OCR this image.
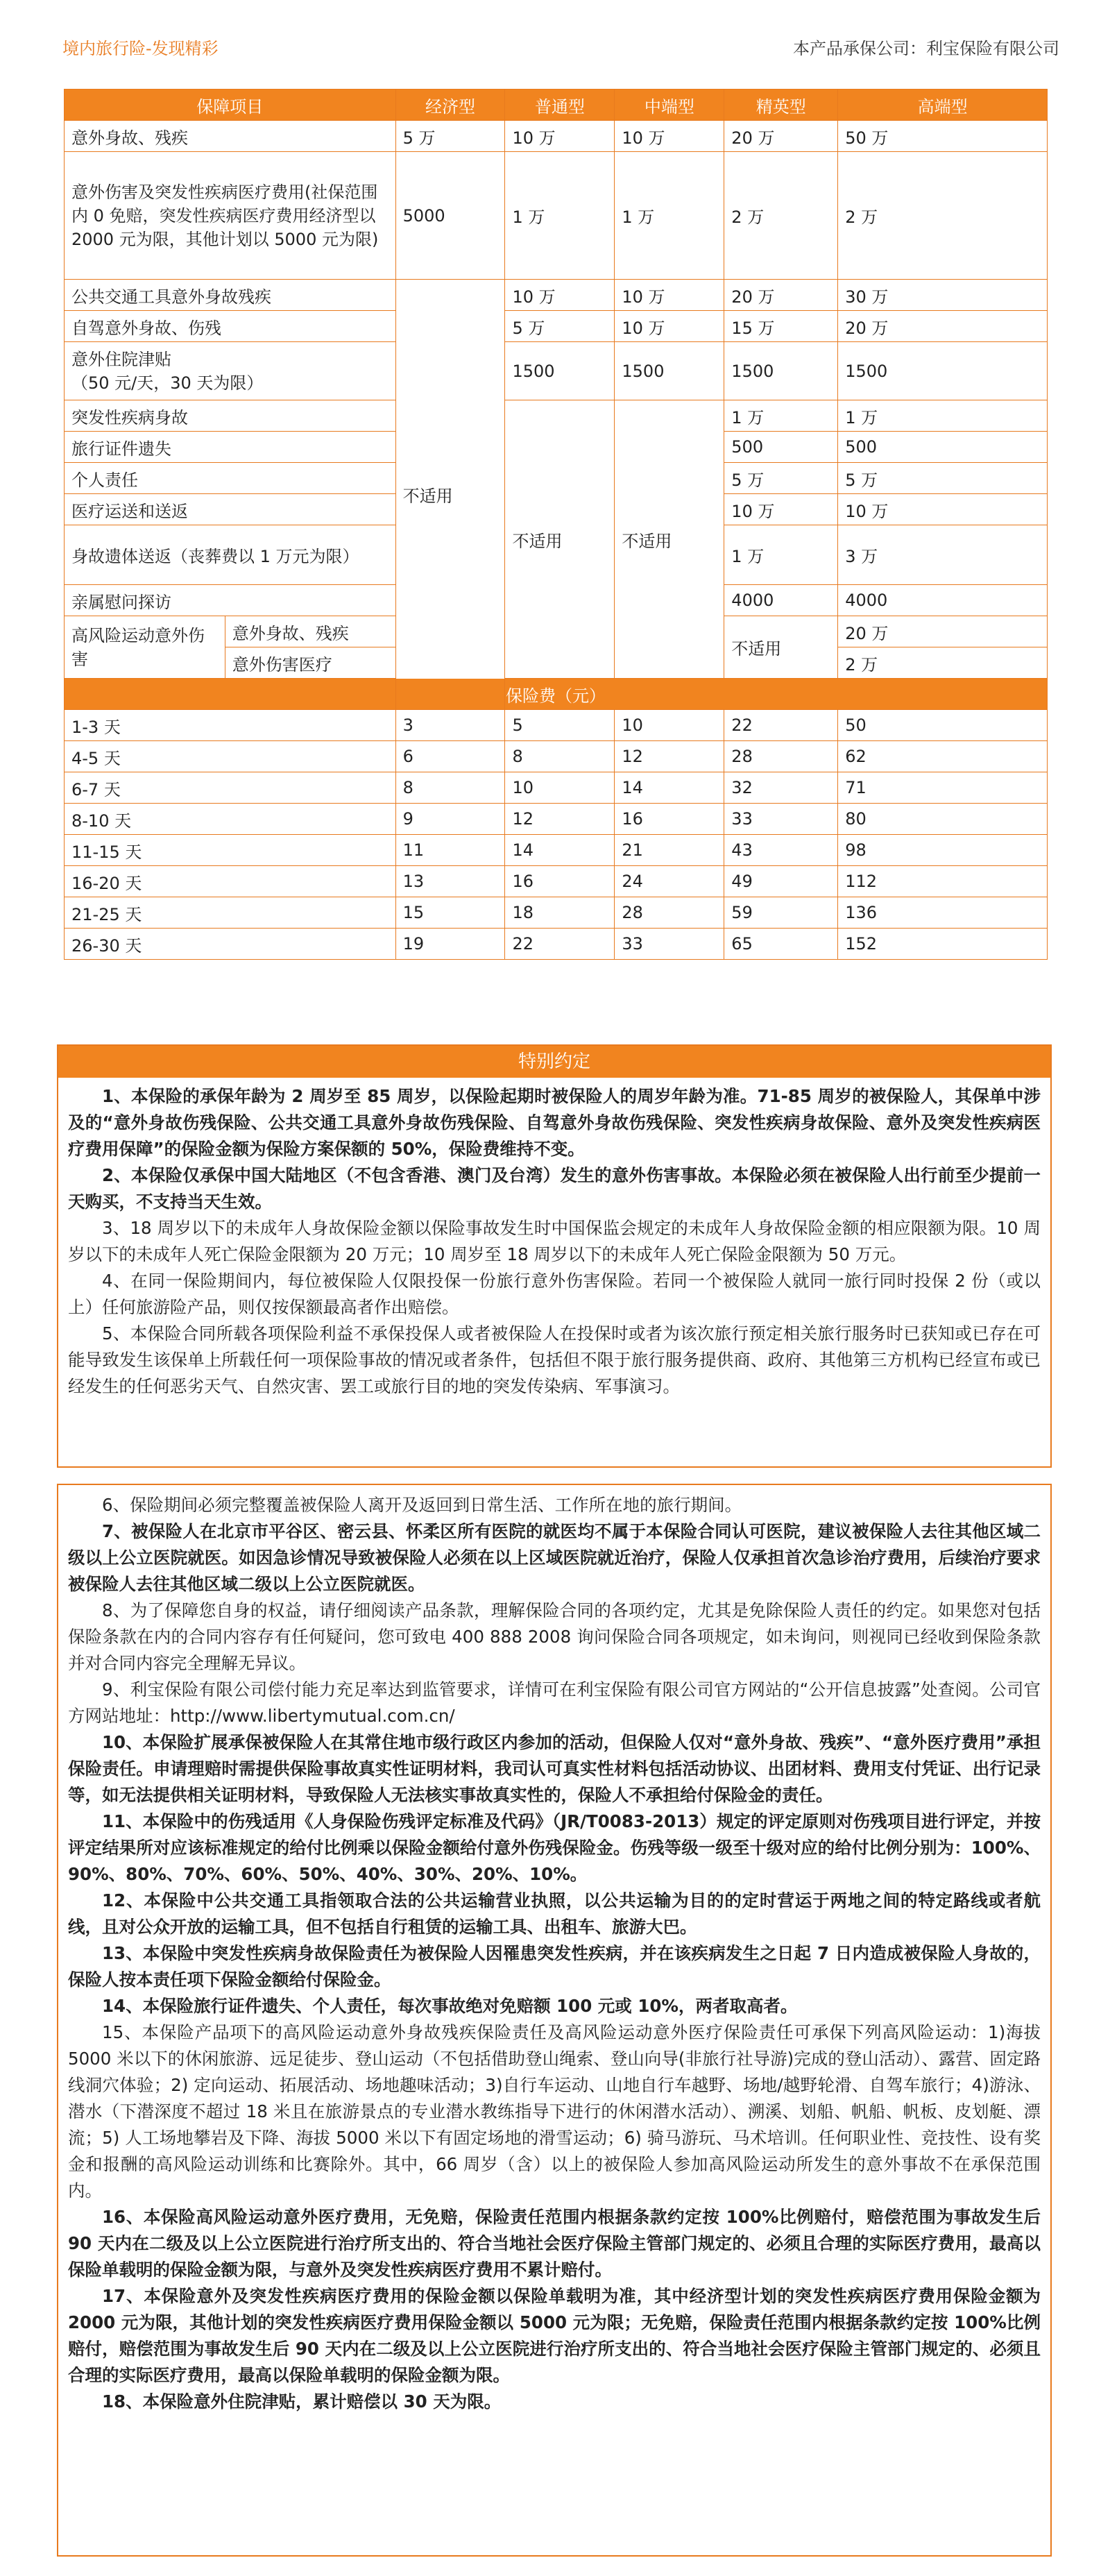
境内旅行险-发现精彩	本产品承保公司：利宝保险有限公司
保障项目		经济型	普通型	中端型	精英型	高端型
意外身故、残疾		5 万	10 万	10 万	20 万	50 万
意外伤害及突发性疾病医疗费用(社保范围内 0 免赔，突发性疾病医疗费用经济型以 2000 元为限，其他计划以 5000 元为限)		5000	1 万	1 万	2 万	2 万
公共交通工具意外身故残疾		不适用	10 万	10 万	20 万	30 万
自驾意外身故、伤残			5 万	10 万	15 万	20 万
意外住院津贴
（50 元/天，30 天为限）			1500	1500	1500	1500
突发性疾病身故			不适用	不适用	1 万	1 万
旅行证件遗失					500	500
个人责任					5 万	5 万
医疗运送和送返					10 万	10 万
身故遗体送返（丧葬费以 1 万元为限）					1 万	3 万
亲属慰问探访					4000	4000
高风险运动意外伤害	意外身故、残疾				不适用	20 万
	意外伤害医疗					2 万
保险费（元）						
1-3 天		3	5	10	22	50
4-5 天		6	8	12	28	62
6-7 天		8	10	14	32	71
8-10 天		9	12	16	33	80
11-15 天		11	14	21	43	98
16-20 天		13	16	24	49	112
21-25 天		15	18	28	59	136
26-30 天		19	22	33	65	152
特别约定

1、本保险的承保年龄为 2 周岁至 85 周岁，以保险起期时被保险人的周岁年龄为准。71-85 周岁的被保险人，其保单中涉及的“意外身故伤残保险、公共交通工具意外身故伤残保险、自驾意外身故伤残保险、突发性疾病身故保险、意外及突发性疾病医疗费用保障”的保险金额为保险方案保额的 50%，保险费维持不变。

2、本保险仅承保中国大陆地区（不包含香港、澳门及台湾）发生的意外伤害事故。本保险必须在被保险人出行前至少提前一天购买，不支持当天生效。

3、18 周岁以下的未成年人身故保险金额以保险事故发生时中国保监会规定的未成年人身故保险金额的相应限额为限。10 周岁以下的未成年人死亡保险金限额为 20 万元；10 周岁至 18 周岁以下的未成年人死亡保险金限额为 50 万元。

4、在同一保险期间内，每位被保险人仅限投保一份旅行意外伤害保险。若同一个被保险人就同一旅行同时投保 2 份（或以上）任何旅游险产品，则仅按保额最高者作出赔偿。

5、本保险合同所载各项保险利益不承保投保人或者被保险人在投保时或者为该次旅行预定相关旅行服务时已获知或已存在可能导致发生该保单上所载任何一项保险事故的情况或者条件，包括但不限于旅行服务提供商、政府、其他第三方机构已经宣布或已经发生的任何恶劣天气、自然灾害、罢工或旅行目的地的突发传染病、军事演习。

6、保险期间必须完整覆盖被保险人离开及返回到日常生活、工作所在地的旅行期间。

7、被保险人在北京市平谷区、密云县、怀柔区所有医院的就医均不属于本保险合同认可医院，建议被保险人去往其他区域二级以上公立医院就医。如因急诊情况导致被保险人必须在以上区域医院就近治疗，保险人仅承担首次急诊治疗费用，后续治疗要求被保险人去往其他区域二级以上公立医院就医。

8、为了保障您自身的权益，请仔细阅读产品条款，理解保险合同的各项约定，尤其是免除保险人责任的约定。如果您对包括保险条款在内的合同内容存有任何疑问，您可致电 400 888 2008 询问保险合同各项规定，如未询问，则视同已经收到保险条款并对合同内容完全理解无异议。

9、利宝保险有限公司偿付能力充足率达到监管要求，详情可在利宝保险有限公司官方网站的“公开信息披露”处查阅。公司官方网站地址：http://www.libertymutual.com.cn/

10、本保险扩展承保被保险人在其常住地市级行政区内参加的活动，但保险人仅对“意外身故、残疾”、“意外医疗费用”承担保险责任。申请理赔时需提供保险事故真实性证明材料，我司认可真实性材料包括活动协议、出团材料、费用支付凭证、出行记录等，如无法提供相关证明材料，导致保险人无法核实事故真实性的，保险人不承担给付保险金的责任。

11、本保险中的伤残适用《人身保险伤残评定标准及代码》（JR/T0083-2013）规定的评定原则对伤残项目进行评定，并按评定结果所对应该标准规定的给付比例乘以保险金额给付意外伤残保险金。伤残等级一级至十级对应的给付比例分别为：100%、90%、80%、70%、60%、50%、40%、30%、20%、10%。

12、本保险中公共交通工具指领取合法的公共运输营业执照，以公共运输为目的的定时营运于两地之间的特定路线或者航线，且对公众开放的运输工具，但不包括自行租赁的运输工具、出租车、旅游大巴。

13、本保险中突发性疾病身故保险责任为被保险人因罹患突发性疾病，并在该疾病发生之日起 7 日内造成被保险人身故的，保险人按本责任项下保险金额给付保险金。

14、本保险旅行证件遗失、个人责任，每次事故绝对免赔额 100 元或 10%，两者取高者。

15、本保险产品项下的高风险运动意外身故残疾保险责任及高风险运动意外医疗保险责任可承保下列高风险运动：1)海拔 5000 米以下的休闲旅游、远足徒步、登山运动（不包括借助登山绳索、登山向导(非旅行社导游)完成的登山活动）、露营、固定路线洞穴体验；2) 定向运动、拓展活动、场地趣味活动；3)自行车运动、山地自行车越野、场地/越野轮滑、自驾车旅行；4)游泳、潜水（下潜深度不超过 18 米且在旅游景点的专业潜水教练指导下进行的休闲潜水活动）、溯溪、划船、帆船、帆板、皮划艇、漂流；5) 人工场地攀岩及下降、海拔 5000 米以下有固定场地的滑雪运动；6) 骑马游玩、马术培训。任何职业性、竞技性、设有奖金和报酬的高风险运动训练和比赛除外。其中，66 周岁（含）以上的被保险人参加高风险运动所发生的意外事故不在承保范围内。

16、本保险高风险运动意外医疗费用，无免赔，保险责任范围内根据条款约定按 100%比例赔付，赔偿范围为事故发生后 90 天内在二级及以上公立医院进行治疗所支出的、符合当地社会医疗保险主管部门规定的、必须且合理的实际医疗费用，最高以保险单载明的保险金额为限，与意外及突发性疾病医疗费用不累计赔付。

17、本保险意外及突发性疾病医疗费用的保险金额以保险单载明为准，其中经济型计划的突发性疾病医疗费用保险金额为 2000 元为限，其他计划的突发性疾病医疗费用保险金额以 5000 元为限；无免赔，保险责任范围内根据条款约定按 100%比例赔付，赔偿范围为事故发生后 90 天内在二级及以上公立医院进行治疗所支出的、符合当地社会医疗保险主管部门规定的、必须且合理的实际医疗费用，最高以保险单载明的保险金额为限。

18、本保险意外住院津贴，累计赔偿以 30 天为限。
